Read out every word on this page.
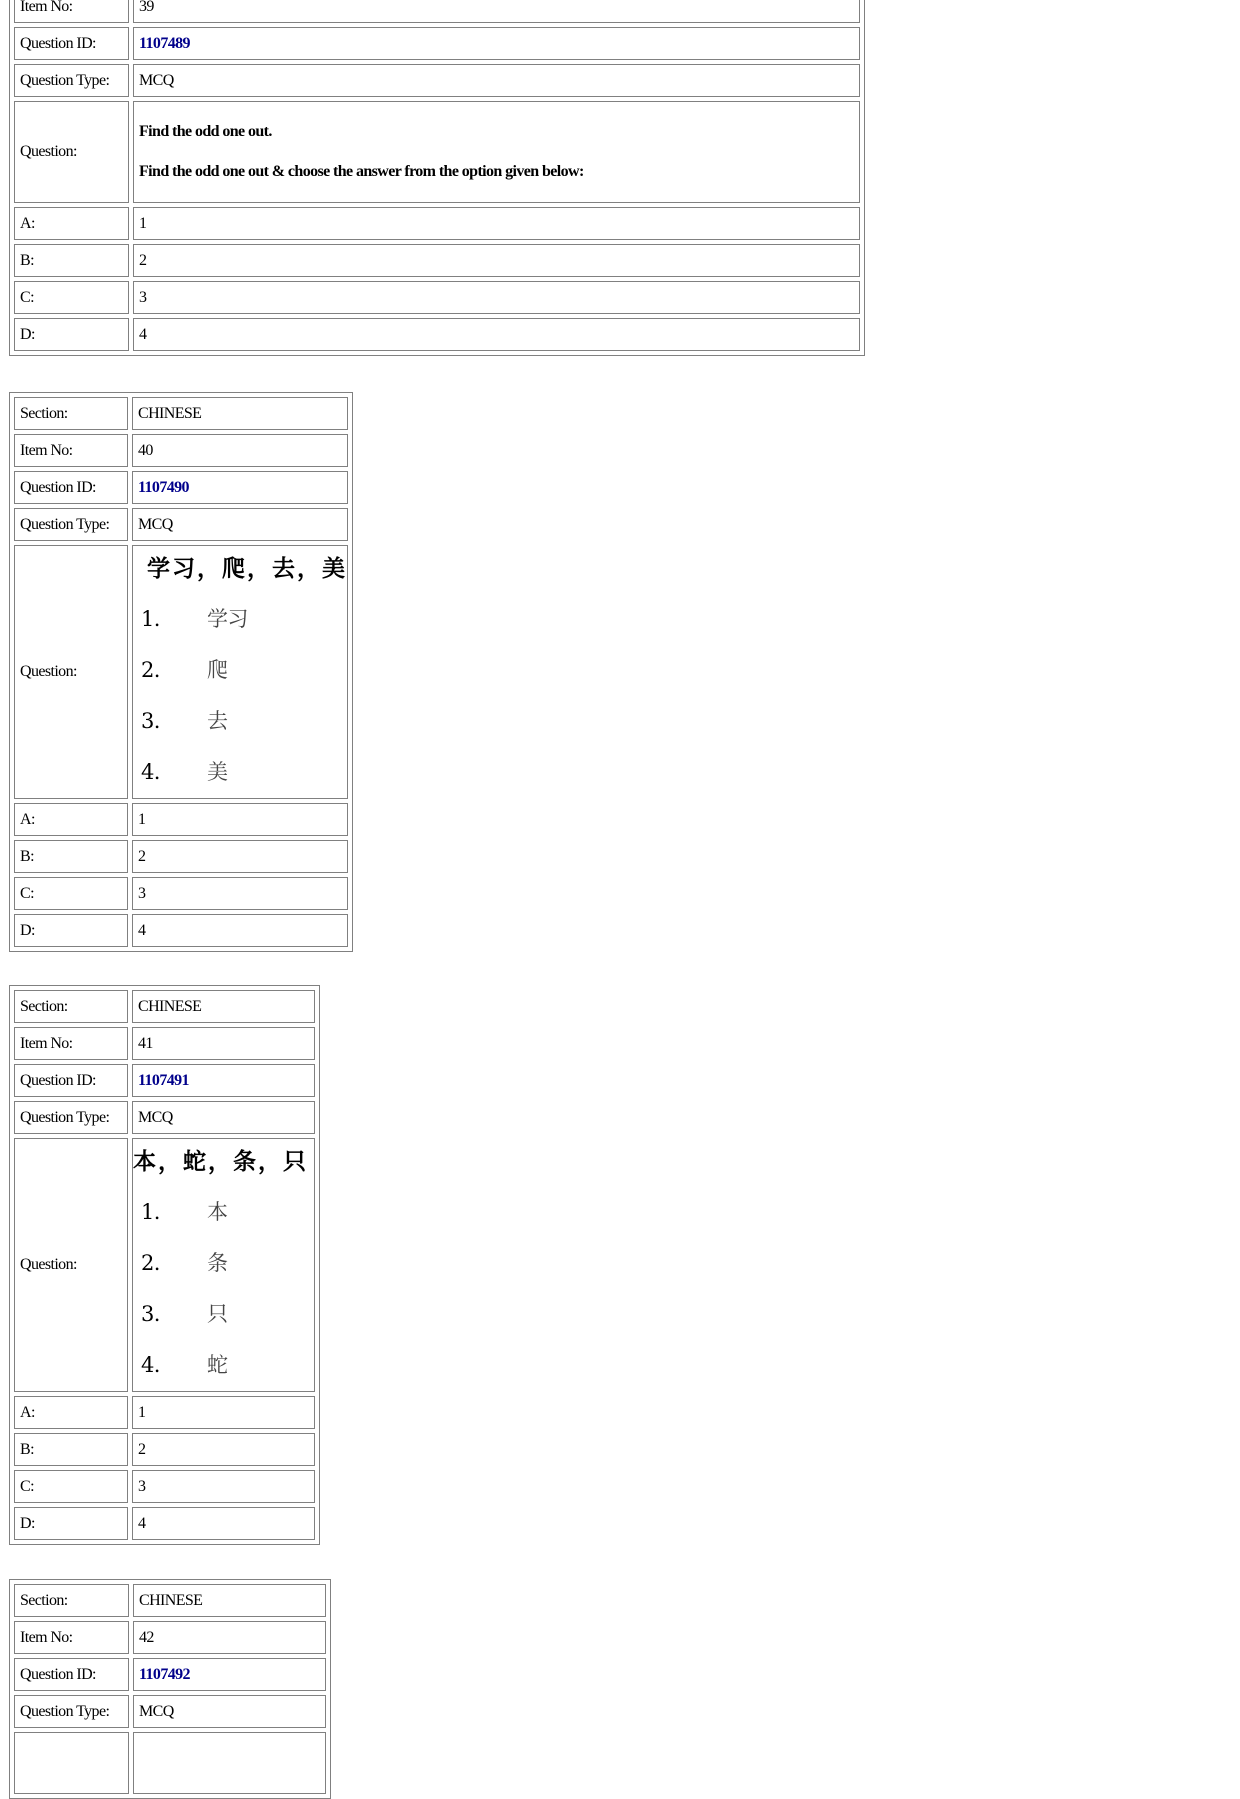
Item No:	39
Question ID:	1107489
Question Type:	MCQ
Question:	Find the odd one out.
Find the odd one out & choose the answer from the option given below:

A:	1
B:	2
C:	3
D:	4
Section:	CHINESE
Item No:	40
Question ID:	1107490
Question Type:	MCQ
Question:	学习，爬，去，美
1. 学习
2. 爬
3. 去
4. 美

A:	1
B:	2
C:	3
D:	4
Section:	CHINESE
Item No:	41
Question ID:	1107491
Question Type:	MCQ
Question:	本，蛇，条，只
1. 本
2. 条
3. 只
4. 蛇

A:	1
B:	2
C:	3
D:	4
Section:	CHINESE
Item No:	42
Question ID:	1107492
Question Type:	MCQ
